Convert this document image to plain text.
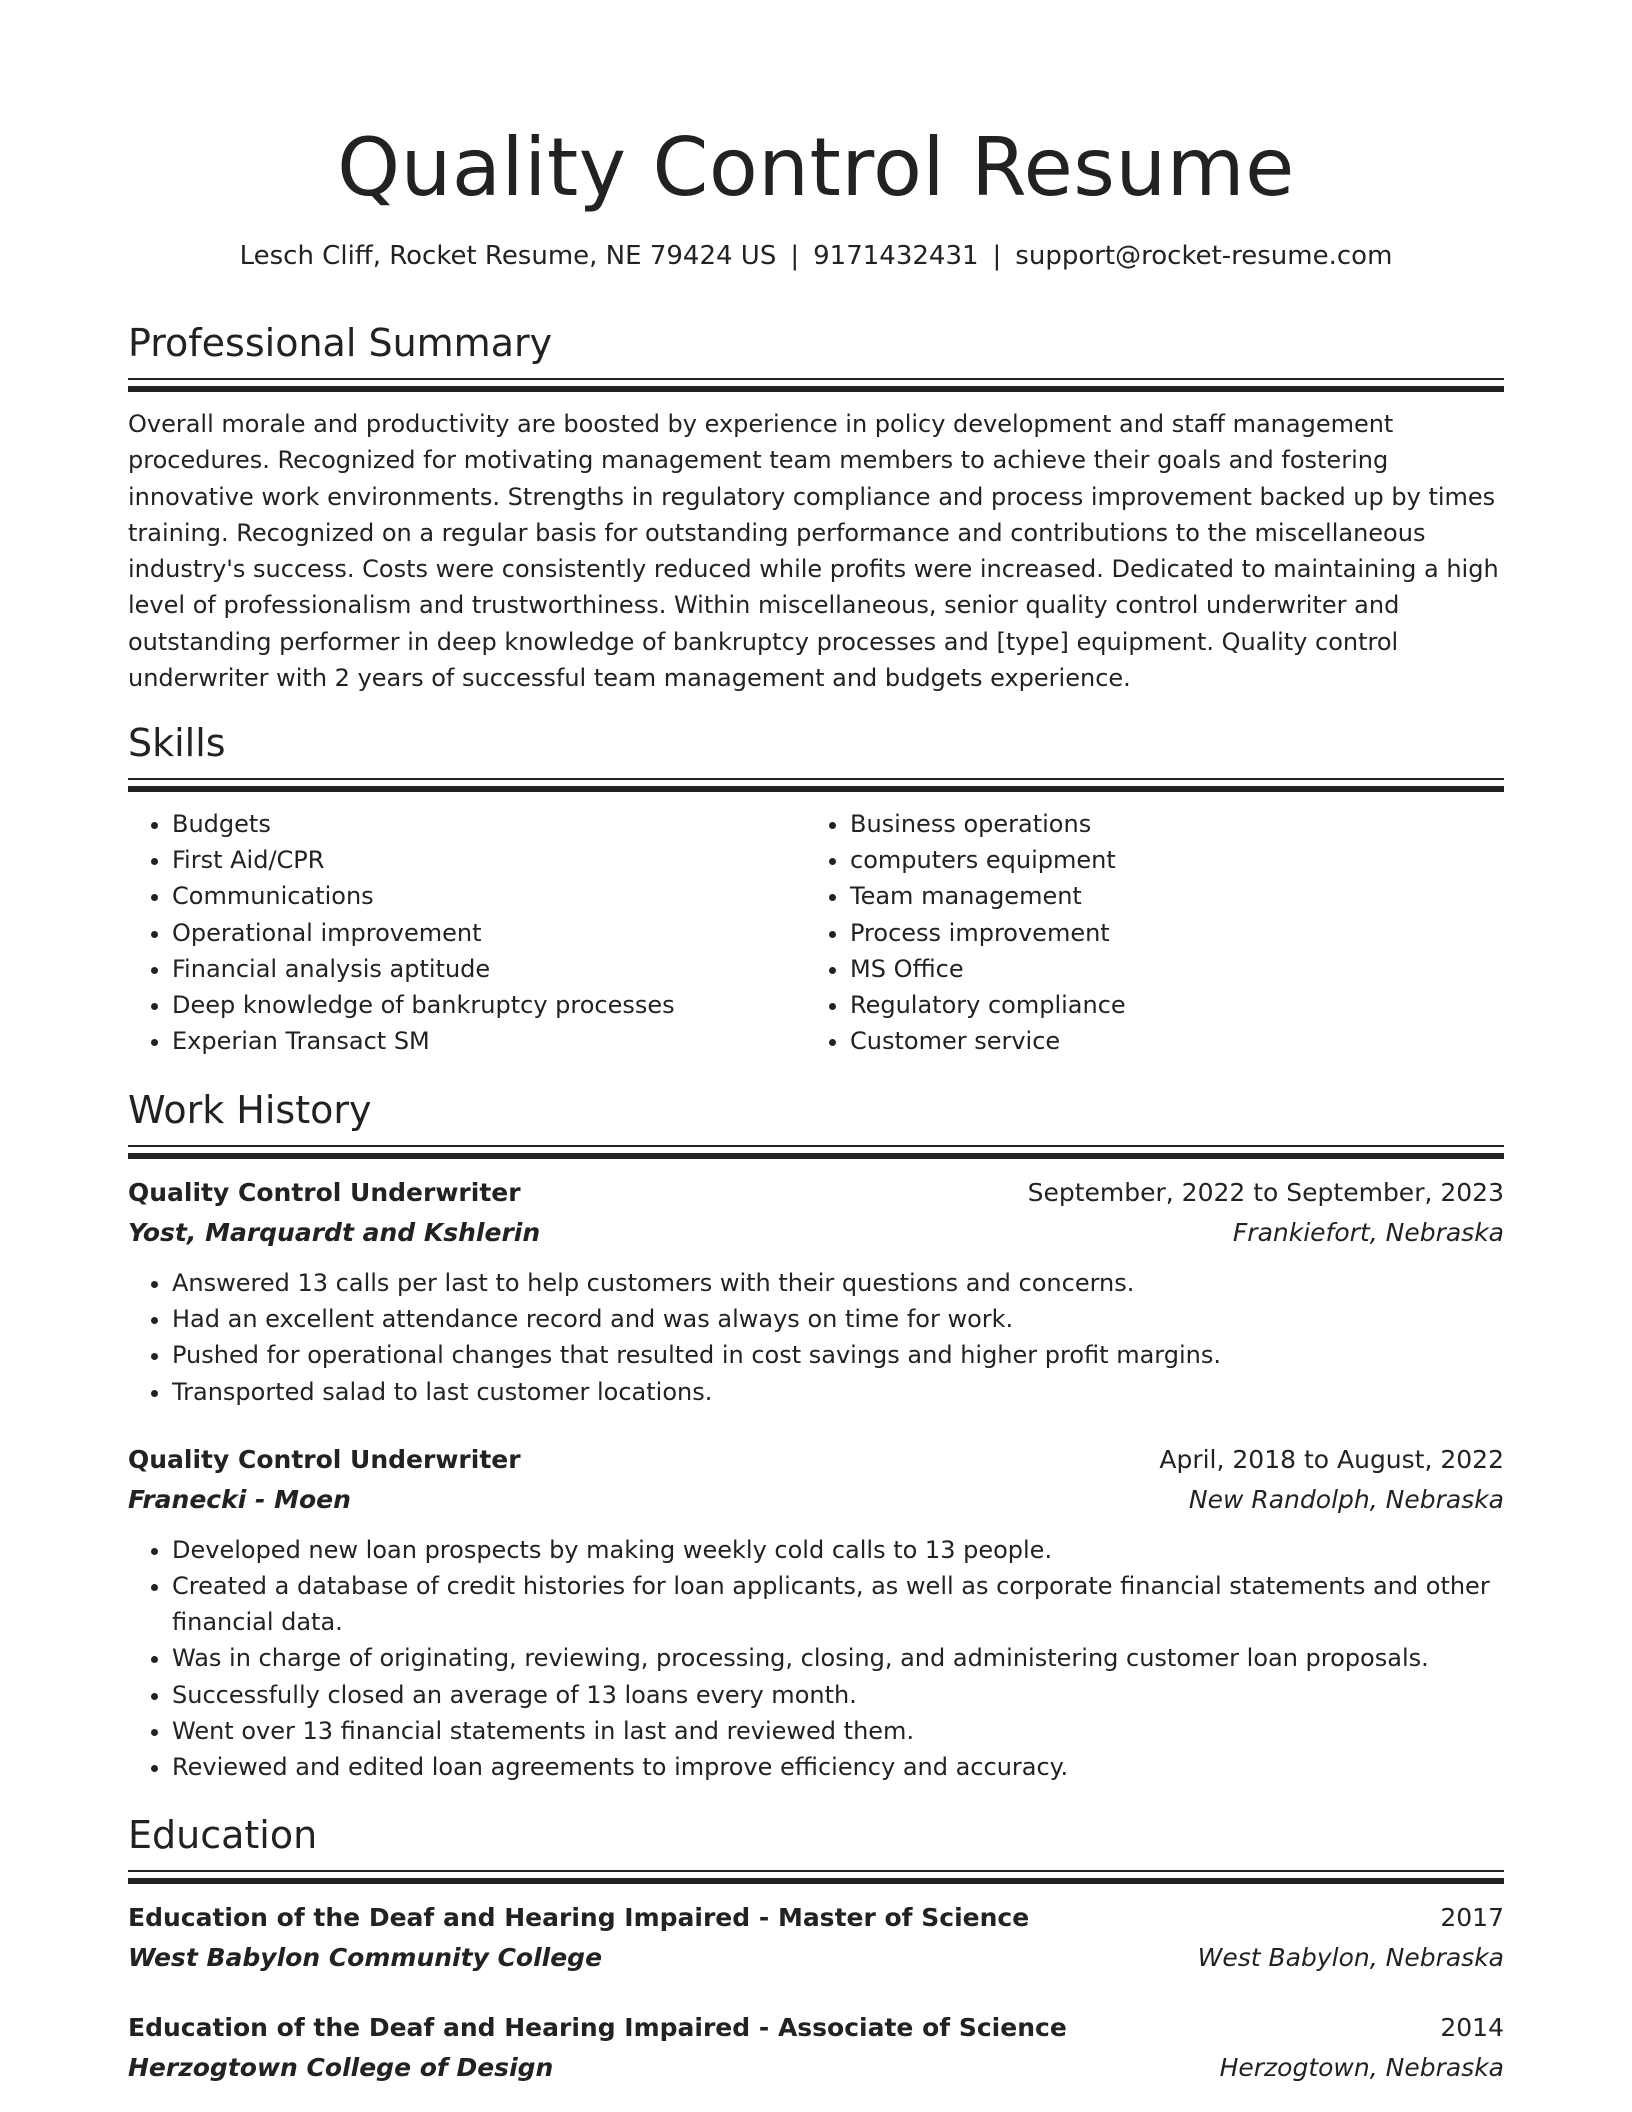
Quality Control Resume
Lesch Cliff, Rocket Resume, NE 79424 US | 9171432431 | support@rocket-resume.com
Professional Summary
Overall morale and productivity are boosted by experience in policy development and staff management procedures. Recognized for motivating management team members to achieve their goals and fostering innovative work environments. Strengths in regulatory compliance and process improvement backed up by times training. Recognized on a regular basis for outstanding performance and contributions to the miscellaneous industry's success. Costs were consistently reduced while profits were increased. Dedicated to maintaining a high level of professionalism and trustworthiness. Within miscellaneous, senior quality control underwriter and outstanding performer in deep knowledge of bankruptcy processes and [type] equipment. Quality control underwriter with 2 years of successful team management and budgets experience.
Skills
• Budgets
• First Aid/CPR
• Communications
• Operational improvement
• Financial analysis aptitude
• Deep knowledge of bankruptcy processes
• Experian Transact SM
• Business operations
• computers equipment
• Team management
• Process improvement
• MS Office
• Regulatory compliance
• Customer service
Work History
Quality Control Underwriter	September, 2022 to September, 2023
Yost, Marquardt and Kshlerin	Frankiefort, Nebraska
• Answered 13 calls per last to help customers with their questions and concerns.
• Had an excellent attendance record and was always on time for work.
• Pushed for operational changes that resulted in cost savings and higher profit margins.
• Transported salad to last customer locations.
Quality Control Underwriter	April, 2018 to August, 2022
Franecki - Moen	New Randolph, Nebraska
• Developed new loan prospects by making weekly cold calls to 13 people.
• Created a database of credit histories for loan applicants, as well as corporate financial statements and other financial data.
• Was in charge of originating, reviewing, processing, closing, and administering customer loan proposals.
• Successfully closed an average of 13 loans every month.
• Went over 13 financial statements in last and reviewed them.
• Reviewed and edited loan agreements to improve efficiency and accuracy.
Education
Education of the Deaf and Hearing Impaired - Master of Science	2017
West Babylon Community College	West Babylon, Nebraska
Education of the Deaf and Hearing Impaired - Associate of Science	2014
Herzogtown College of Design	Herzogtown, Nebraska
